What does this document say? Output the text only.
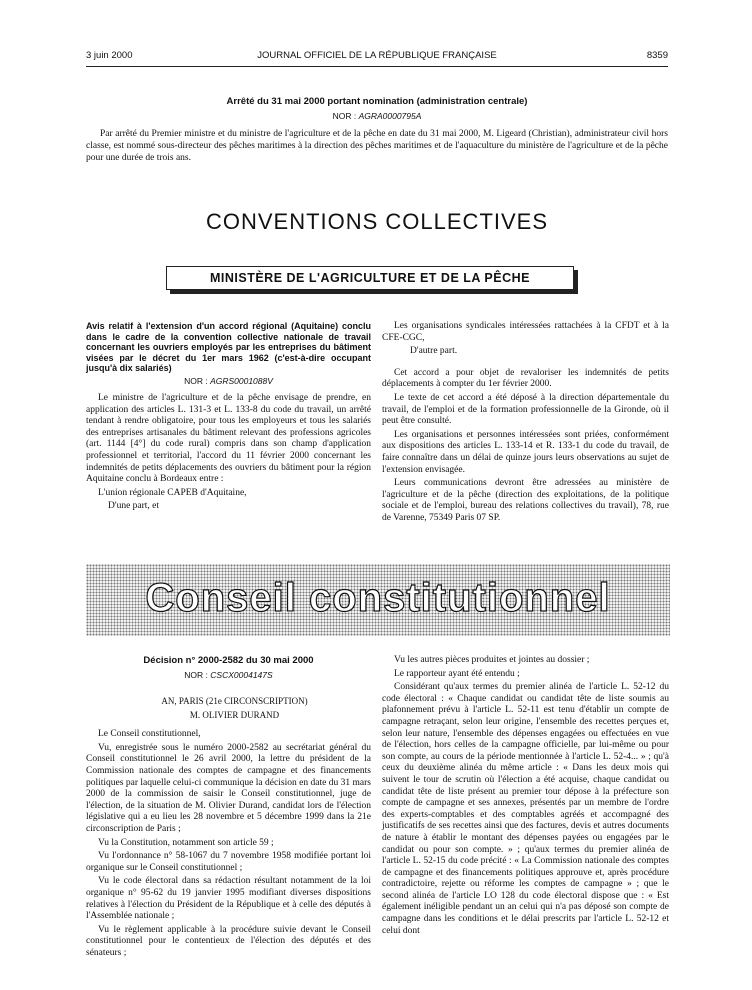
3 juin 2000	JOURNAL OFFICIEL DE LA RÉPUBLIQUE FRANÇAISE	8359
Arrêté du 31 mai 2000 portant nomination (administration centrale)
NOR : AGRA0000795A
Par arrêté du Premier ministre et du ministre de l'agriculture et de la pêche en date du 31 mai 2000, M. Ligeard (Christian), administrateur civil hors classe, est nommé sous-directeur des pêches maritimes à la direction des pêches maritimes et de l'aquaculture du ministère de l'agriculture et de la pêche pour une durée de trois ans.
CONVENTIONS COLLECTIVES
MINISTÈRE DE L'AGRICULTURE ET DE LA PÊCHE
Avis relatif à l'extension d'un accord régional (Aquitaine) conclu dans le cadre de la convention collective nationale de travail concernant les ouvriers employés par les entreprises du bâtiment visées par le décret du 1er mars 1962 (c'est-à-dire occupant jusqu'à dix salariés)
NOR : AGRS0001088V

Le ministre de l'agriculture et de la pêche envisage de prendre, en application des articles L. 131-3 et L. 133-8 du code du travail, un arrêté tendant à rendre obligatoire, pour tous les employeurs et tous les salariés des entreprises artisanales du bâtiment relevant des professions agricoles (art. 1144 [4°] du code rural) compris dans son champ d'application professionnel et territorial, l'accord du 11 février 2000 concernant les indemnités de petits déplacements des ouvriers du bâtiment pour la région Aquitaine conclu à Bordeaux entre :

L'union régionale CAPEB d'Aquitaine,

D'une part, et

Les organisations syndicales intéressées rattachées à la CFDT et à la CFE-CGC,

D'autre part.

Cet accord a pour objet de revaloriser les indemnités de petits déplacements à compter du 1er février 2000.

Le texte de cet accord a été déposé à la direction départementale du travail, de l'emploi et de la formation professionnelle de la Gironde, où il peut être consulté.

Les organisations et personnes intéressées sont priées, conformément aux dispositions des articles L. 133-14 et R. 133-1 du code du travail, de faire connaître dans un délai de quinze jours leurs observations au sujet de l'extension envisagée.

Leurs communications devront être adressées au ministère de l'agriculture et de la pêche (direction des exploitations, de la politique sociale et de l'emploi, bureau des relations collectives du travail), 78, rue de Varenne, 75349 Paris 07 SP.

Conseil constitutionnel
Décision n° 2000-2582 du 30 mai 2000
NOR : CSCX0004147S

AN, PARIS (21e CIRCONSCRIPTION)

M. OLIVIER DURAND

Le Conseil constitutionnel,

Vu, enregistrée sous le numéro 2000-2582 au secrétariat général du Conseil constitutionnel le 26 avril 2000, la lettre du président de la Commission nationale des comptes de campagne et des financements politiques par laquelle celui-ci communique la décision en date du 31 mars 2000 de la commission de saisir le Conseil constitutionnel, juge de l'élection, de la situation de M. Olivier Durand, candidat lors de l'élection législative qui a eu lieu les 28 novembre et 5 décembre 1999 dans la 21e circonscription de Paris ;

Vu la Constitution, notamment son article 59 ;

Vu l'ordonnance n° 58-1067 du 7 novembre 1958 modifiée portant loi organique sur le Conseil constitutionnel ;

Vu le code électoral dans sa rédaction résultant notamment de la loi organique n° 95-62 du 19 janvier 1995 modifiant diverses dispositions relatives à l'élection du Président de la République et à celle des députés à l'Assemblée nationale ;

Vu le règlement applicable à la procédure suivie devant le Conseil constitutionnel pour le contentieux de l'élection des députés et des sénateurs ;

Vu les autres pièces produites et jointes au dossier ;

Le rapporteur ayant été entendu ;

Considérant qu'aux termes du premier alinéa de l'article L. 52-12 du code électoral : « Chaque candidat ou candidat tête de liste soumis au plafonnement prévu à l'article L. 52-11 est tenu d'établir un compte de campagne retraçant, selon leur origine, l'ensemble des recettes perçues et, selon leur nature, l'ensemble des dépenses engagées ou effectuées en vue de l'élection, hors celles de la campagne officielle, par lui-même ou pour son compte, au cours de la période mentionnée à l'article L. 52-4... » ; qu'à ceux du deuxième alinéa du même article : « Dans les deux mois qui suivent le tour de scrutin où l'élection a été acquise, chaque candidat ou candidat tête de liste présent au premier tour dépose à la préfecture son compte de campagne et ses annexes, présentés par un membre de l'ordre des experts-comptables et des comptables agréés et accompagné des justificatifs de ses recettes ainsi que des factures, devis et autres documents de nature à établir le montant des dépenses payées ou engagées par le candidat ou pour son compte. » ; qu'aux termes du premier alinéa de l'article L. 52-15 du code précité : « La Commission nationale des comptes de campagne et des financements politiques approuve et, après procédure contradictoire, rejette ou réforme les comptes de campagne » ; que le second alinéa de l'article LO 128 du code électoral dispose que : « Est également inéligible pendant un an celui qui n'a pas déposé son compte de campagne dans les conditions et le délai prescrits par l'article L. 52-12 et celui dont
